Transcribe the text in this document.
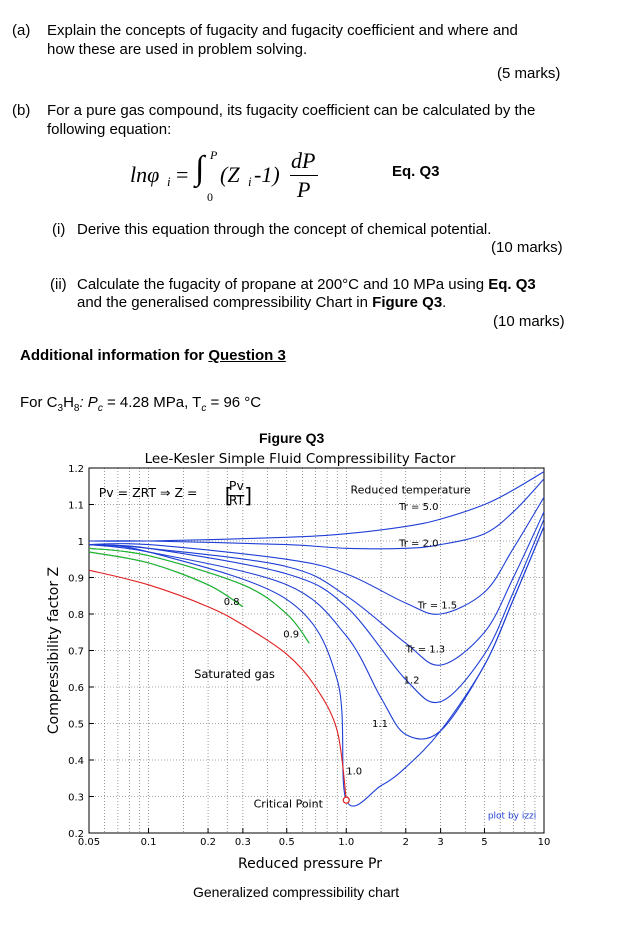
(a) Explain the concepts of fugacity and fugacity coefficient and where and
how these are used in problem solving.
(5 marks)
(b) For a pure gas compound, its fugacity coefficient can be calculated by the
following equation:
lnφ i = ∫ P
0
(Z i -1)
dP
P
Eq. Q3
(i) Derive this equation through the concept of chemical potential.
(10 marks)
(ii) Calculate the fugacity of propane at 200°C and 10 MPa using Eq. Q3
and the generalised compressibility Chart in Figure Q3.
(10 marks)
Additional information for Question 3
For $C_3H_8$: $P_c = 4.28$ MPa, $T_c = 96$ °C
Figure Q3
Lee-Kesler Simple Fluid Compressibility Factor
0.05	0.1	0.2 0.3	0.5	1.0	2	3	5	10
0.2
0.3
0.4
0.5
0.6
0.7
0.8
0.9
1
1.1
1.2
Pv = ZRT ⇒ Z =	Pv
RT
[ ]	Reduced temperature
Tr = 5.0
Tr = 2.0
Tr = 1.5
Tr = 1.3
1.2
1.1
1.0
0.9
0.8
Saturated gas
Critical Point
plot by izzi
Compressibility factor Z
Reduced pressure Pr
Generalized compressibility chart
